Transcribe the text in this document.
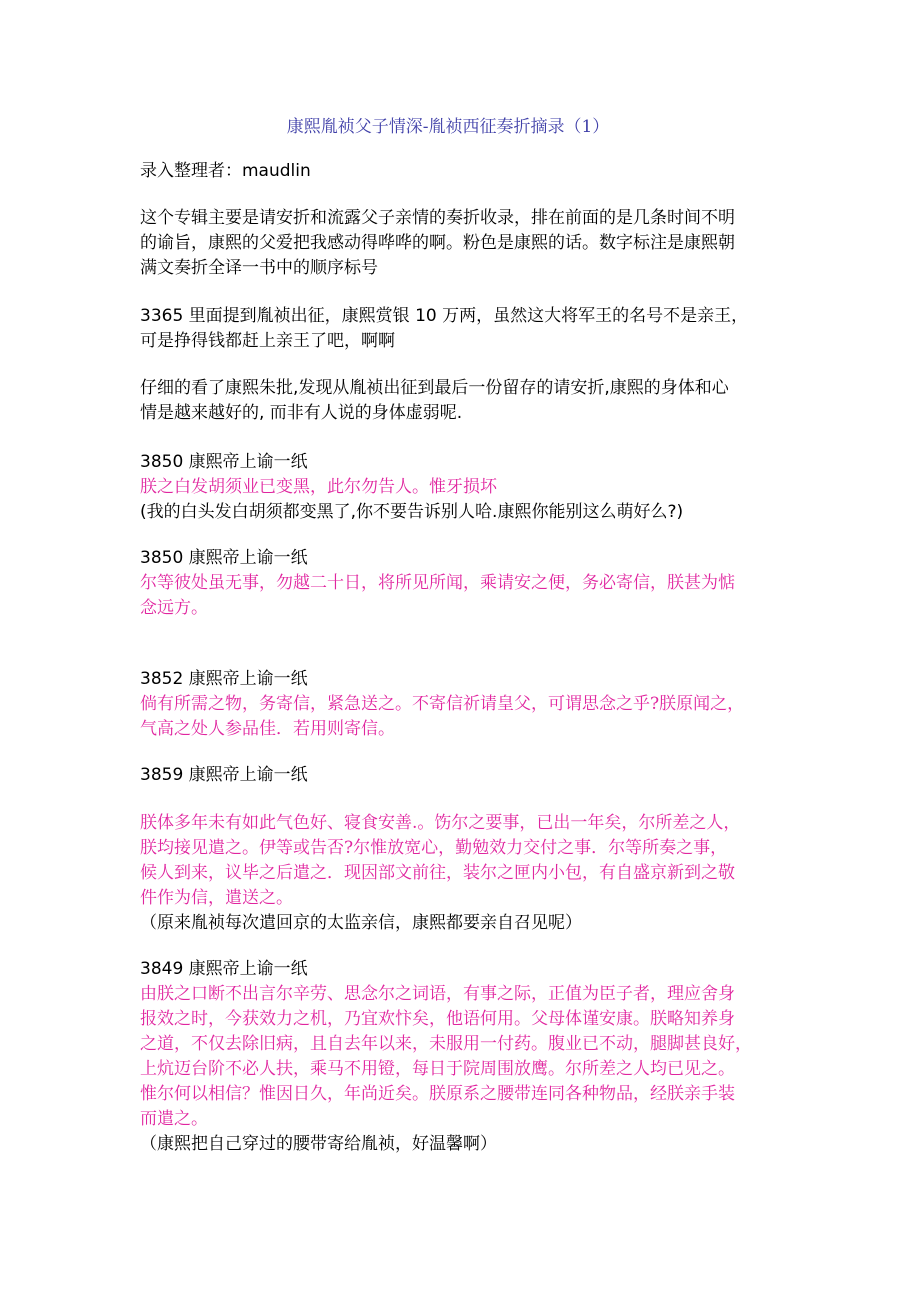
康熙胤祯父子情深-胤祯西征奏折摘录（1）
录入整理者：maudlin
这个专辑主要是请安折和流露父子亲情的奏折收录，排在前面的是几条时间不明
的谕旨，康熙的父爱把我感动得哗哗的啊。粉色是康熙的话。数字标注是康熙朝
满文奏折全译一书中的顺序标号
3365 里面提到胤祯出征，康熙赏银 10 万两，虽然这大将军王的名号不是亲王，
可是挣得钱都赶上亲王了吧，啊啊
仔细的看了康熙朱批,发现从胤祯出征到最后一份留存的请安折,康熙的身体和心
情是越来越好的, 而非有人说的身体虚弱呢.
3850 康熙帝上谕一纸
朕之白发胡须业已变黑，此尔勿告人。惟牙损坏
(我的白头发白胡须都变黑了,你不要告诉别人哈.康熙你能别这么萌好么?)
3850 康熙帝上谕一纸
尔等彼处虽无事，勿越二十日，将所见所闻，乘请安之便，务必寄信，朕甚为惦
念远方。
3852 康熙帝上谕一纸
倘有所需之物，务寄信，紧急送之。不寄信祈请皇父，可谓思念之乎?朕原闻之，
气高之处人参品佳．若用则寄信。
3859 康熙帝上谕一纸
朕体多年未有如此气色好、寝食安善.。饬尔之要事，已出一年矣，尔所差之人，
朕均接见遣之。伊等或告否?尔惟放宽心，勤勉效力交付之事．尔等所奏之事，
候人到来，议毕之后遣之．现因部文前往，装尔之匣内小包，有自盛京新到之敬
件作为信，遣送之。
（原来胤祯每次遣回京的太监亲信，康熙都要亲自召见呢）
3849 康熙帝上谕一纸
由朕之口断不出言尔辛劳、思念尔之词语，有事之际，正值为臣子者，理应舍身
报效之时，今获效力之机，乃宜欢忭矣，他语何用。父母体谨安康。朕略知养身
之道，不仅去除旧病，且自去年以来，未服用一付药。腹业已不动，腿脚甚良好，
上炕迈台阶不必人扶，乘马不用镫，每日于院周围放鹰。尔所差之人均已见之。
惟尔何以相信？惟因日久，年尚近矣。朕原系之腰带连同各种物品，经朕亲手装
而遣之。
（康熙把自己穿过的腰带寄给胤祯，好温馨啊）
